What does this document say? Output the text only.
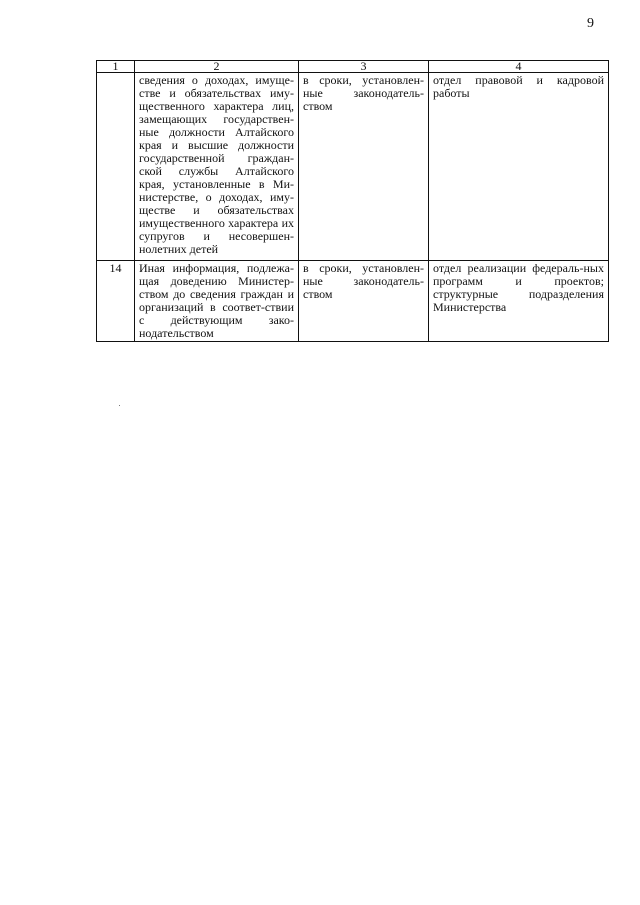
9
1	2	3	4
	сведения о доходах, имуще-стве и обязательствах иму-щественного характера лиц, замещающих государствен-ные должности Алтайского края и высшие должности государственной граждан-ской службы Алтайского края, установленные в Ми-нистерстве, о доходах, иму-ществе и обязательствах имущественного характера их супругов и несовершен-нолетних детей	в сроки, установлен-ные законодатель-ством	отдел правовой и кадровой работы
14	Иная информация, подлежа-щая доведению Министер-ством до сведения граждан и организаций в соответ-ствии с действующим зако-нодательством	в сроки, установлен-ные законодатель-ством	отдел реализации федераль-ных программ и проектов; структурные подразделения Министерства
